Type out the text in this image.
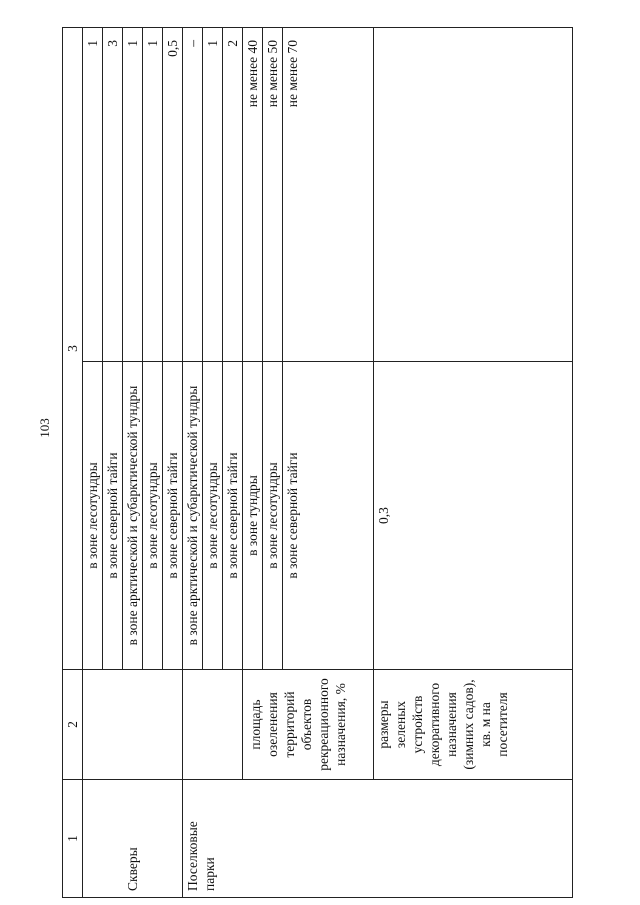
103
1	2	3	
Скверы		в зоне лесотундры	1
		в зоне северной тайги	3
		в зоне арктической и субарктической тундры	1
		в зоне лесотундры	1
		в зоне северной тайги	0,5
Поселковые парки		в зоне арктической и субарктической тундры	–
		в зоне лесотундры	1
		в зоне северной тайги	2
	площадь озеленения территорий объектов рекреационного назначения, %	в зоне тундры	не менее 40
		в зоне лесотундры	не менее 50
		в зоне северной тайги	не менее 70
	размеры зеленых устройств декоративного назначения (зимних садов), кв. м на посетителя	0,3	
